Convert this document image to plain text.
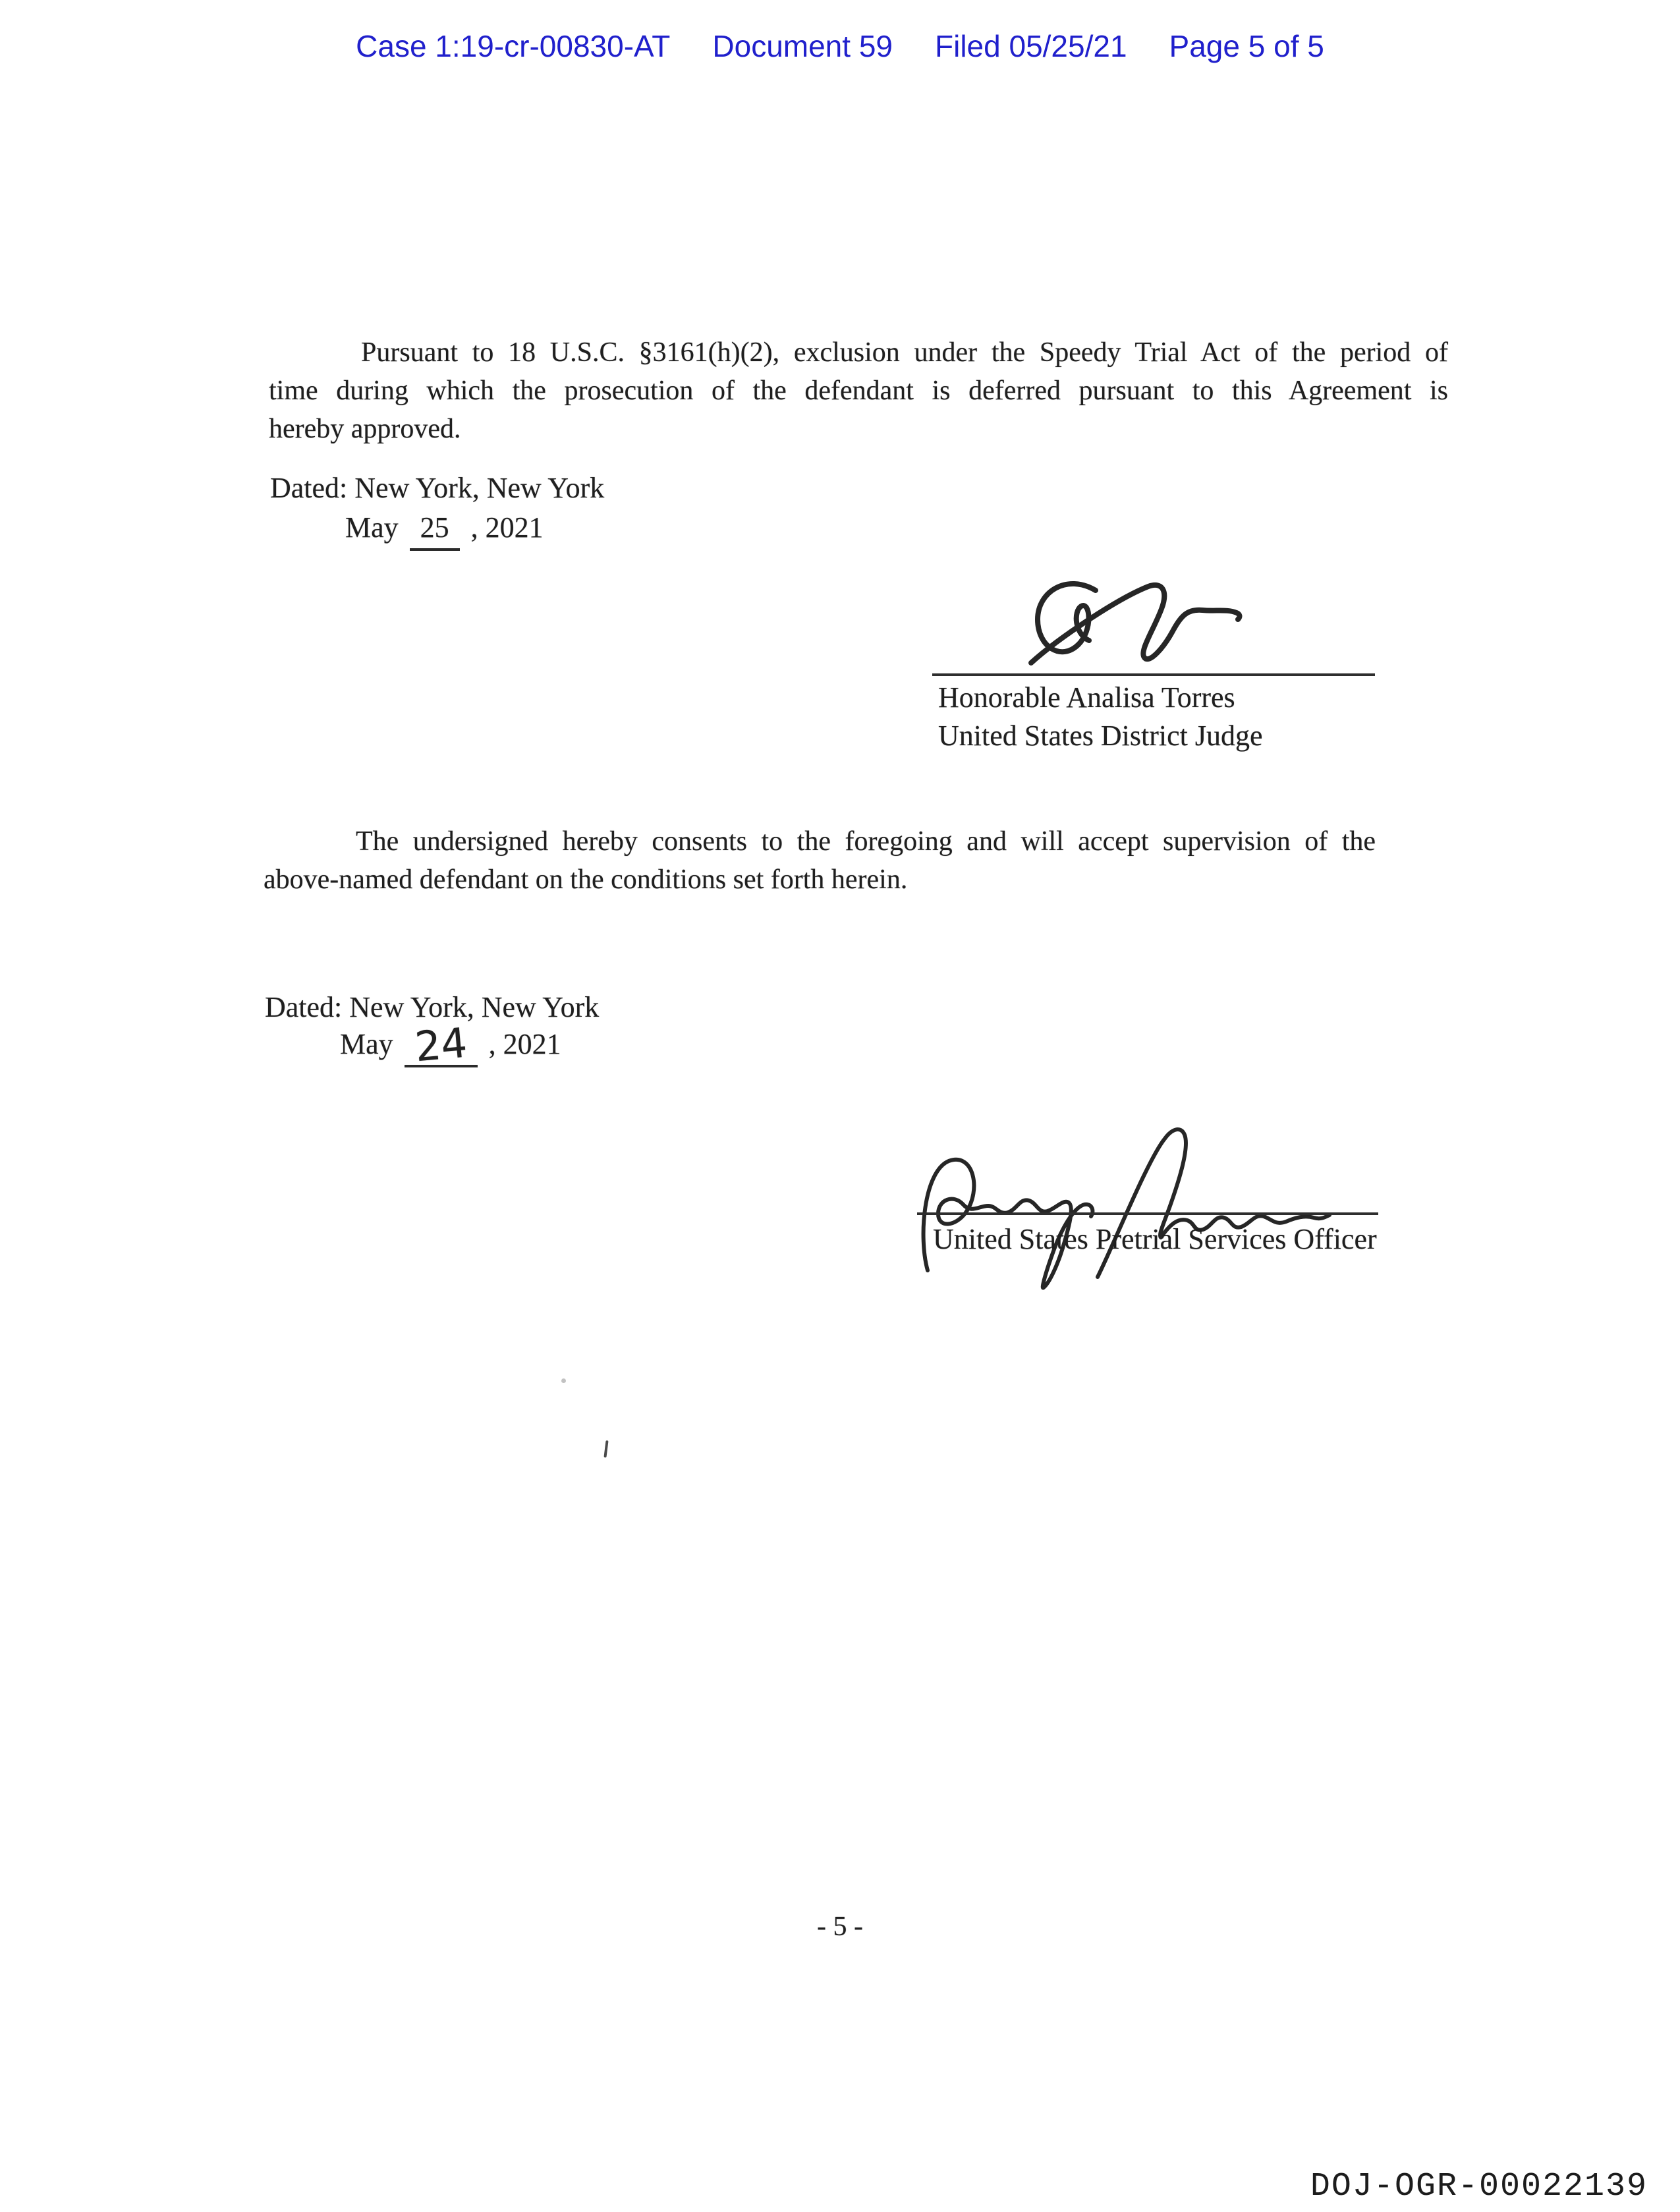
Case 1:19-cr-00830-AT Document 59 Filed 05/25/21 Page 5 of 5
Pursuant to 18 U.S.C. §3161(h)(2), exclusion under the Speedy Trial Act of the period of
time during which the prosecution of the defendant is deferred pursuant to this Agreement is
hereby approved.
Dated: New York, New York
May 25 , 2021
Honorable Analisa Torres
United States District Judge
The undersigned hereby consents to the foregoing and will accept supervision of the
above-named defendant on the conditions set forth herein.
Dated: New York, New York
May 24 , 2021
United States Pretrial Services Officer
- 5 -
DOJ-OGR-00022139
